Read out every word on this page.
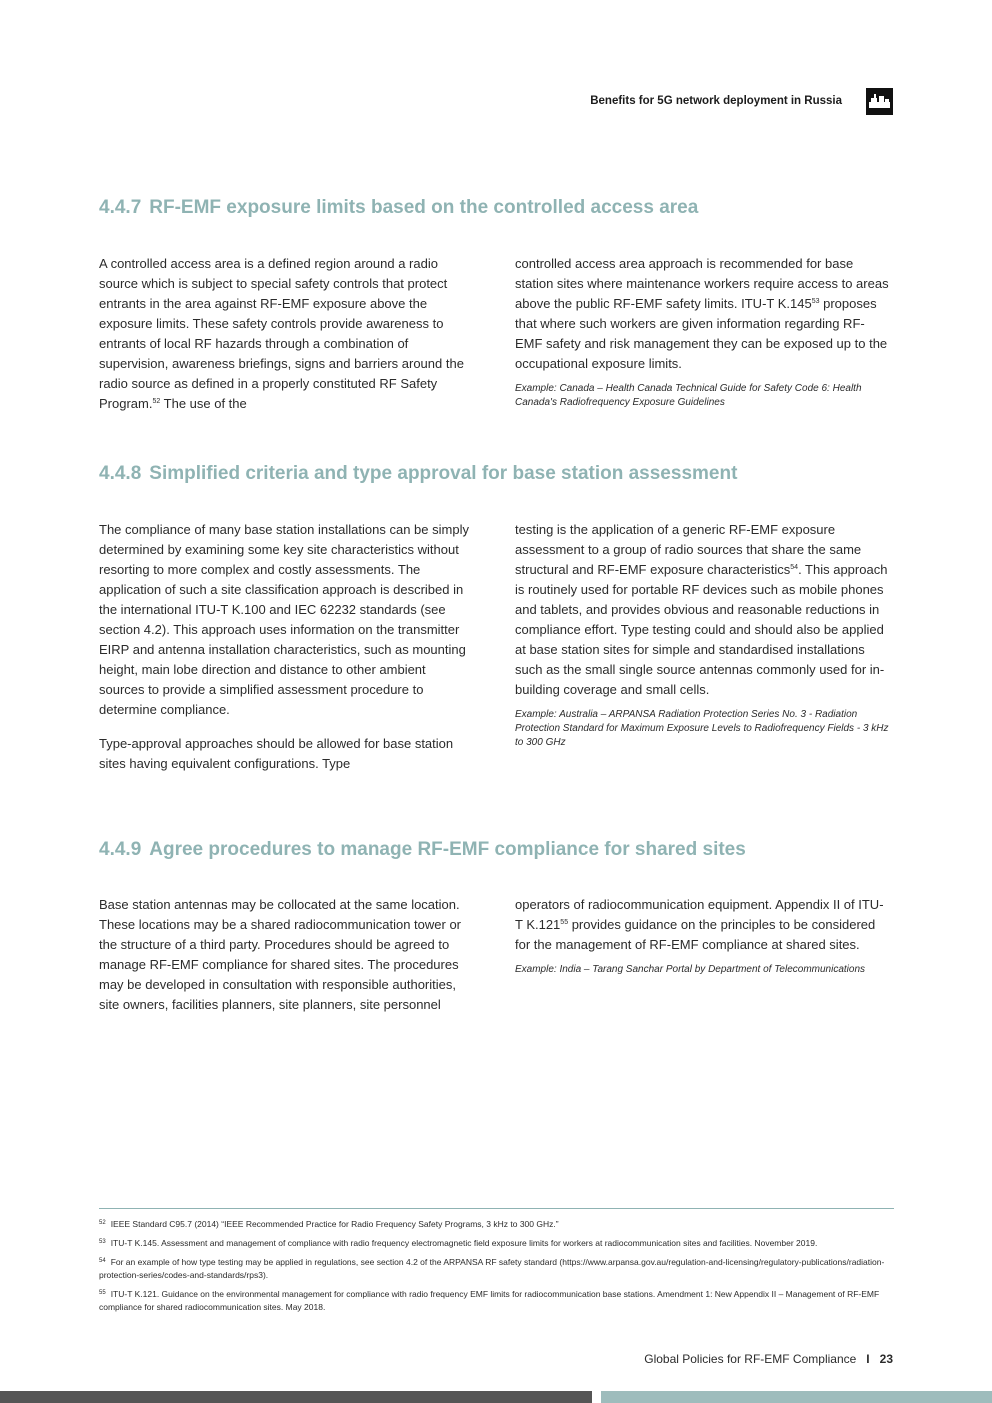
Benefits for 5G network deployment in Russia
4.4.7 RF-EMF exposure limits based on the controlled access area

A controlled access area is a defined region around a radio source which is subject to special safety controls that protect entrants in the area against RF-EMF exposure above the exposure limits. These safety controls provide awareness to entrants of local RF hazards through a combination of supervision, awareness briefings, signs and barriers around the radio source as defined in a properly constituted RF Safety Program.$^{52}$ The use of the

controlled access area approach is recommended for base station sites where maintenance workers require access to areas above the public RF-EMF safety limits. ITU-T K.145$^{53}$ proposes that where such workers are given information regarding RF-EMF safety and risk management they can be exposed up to the occupational exposure limits.

Example: Canada – Health Canada Technical Guide for Safety Code 6: Health Canada's Radiofrequency Exposure Guidelines
4.4.8 Simplified criteria and type approval for base station assessment

The compliance of many base station installations can be simply determined by examining some key site characteristics without resorting to more complex and costly assessments. The application of such a site classification approach is described in the international ITU-T K.100 and IEC 62232 standards (see section 4.2). This approach uses information on the transmitter EIRP and antenna installation characteristics, such as mounting height, main lobe direction and distance to other ambient sources to provide a simplified assessment procedure to determine compliance.

Type-approval approaches should be allowed for base station sites having equivalent configurations. Type

testing is the application of a generic RF-EMF exposure assessment to a group of radio sources that share the same structural and RF-EMF exposure characteristics$^{54}$. This approach is routinely used for portable RF devices such as mobile phones and tablets, and provides obvious and reasonable reductions in compliance effort. Type testing could and should also be applied at base station sites for simple and standardised installations such as the small single source antennas commonly used for in-building coverage and small cells.

Example: Australia – ARPANSA Radiation Protection Series No. 3 - Radiation Protection Standard for Maximum Exposure Levels to Radiofrequency Fields - 3 kHz to 300 GHz
4.4.9 Agree procedures to manage RF-EMF compliance for shared sites

Base station antennas may be collocated at the same location. These locations may be a shared radiocommunication tower or the structure of a third party. Procedures should be agreed to manage RF-EMF compliance for shared sites. The procedures may be developed in consultation with responsible authorities, site owners, facilities planners, site planners, site personnel

operators of radiocommunication equipment. Appendix II of ITU-T K.121$^{55}$ provides guidance on the principles to be considered for the management of RF-EMF compliance at shared sites.

Example: India – Tarang Sanchar Portal by Department of Telecommunications
$^{52}$ IEEE Standard C95.7 (2014) “IEEE Recommended Practice for Radio Frequency Safety Programs, 3 kHz to 300 GHz.”
$^{53}$ ITU-T K.145. Assessment and management of compliance with radio frequency electromagnetic field exposure limits for workers at radiocommunication sites and facilities. November 2019.
$^{54}$ For an example of how type testing may be applied in regulations, see section 4.2 of the ARPANSA RF safety standard (https://www.arpansa.gov.au/regulation-and-licensing/regulatory-publications/radiation-protection-series/codes-and-standards/rps3).
$^{55}$ ITU-T K.121. Guidance on the environmental management for compliance with radio frequency EMF limits for radiocommunication base stations. Amendment 1: New Appendix II – Management of RF-EMF compliance for shared radiocommunication sites. May 2018.
Global Policies for RF-EMF Compliance I 23
